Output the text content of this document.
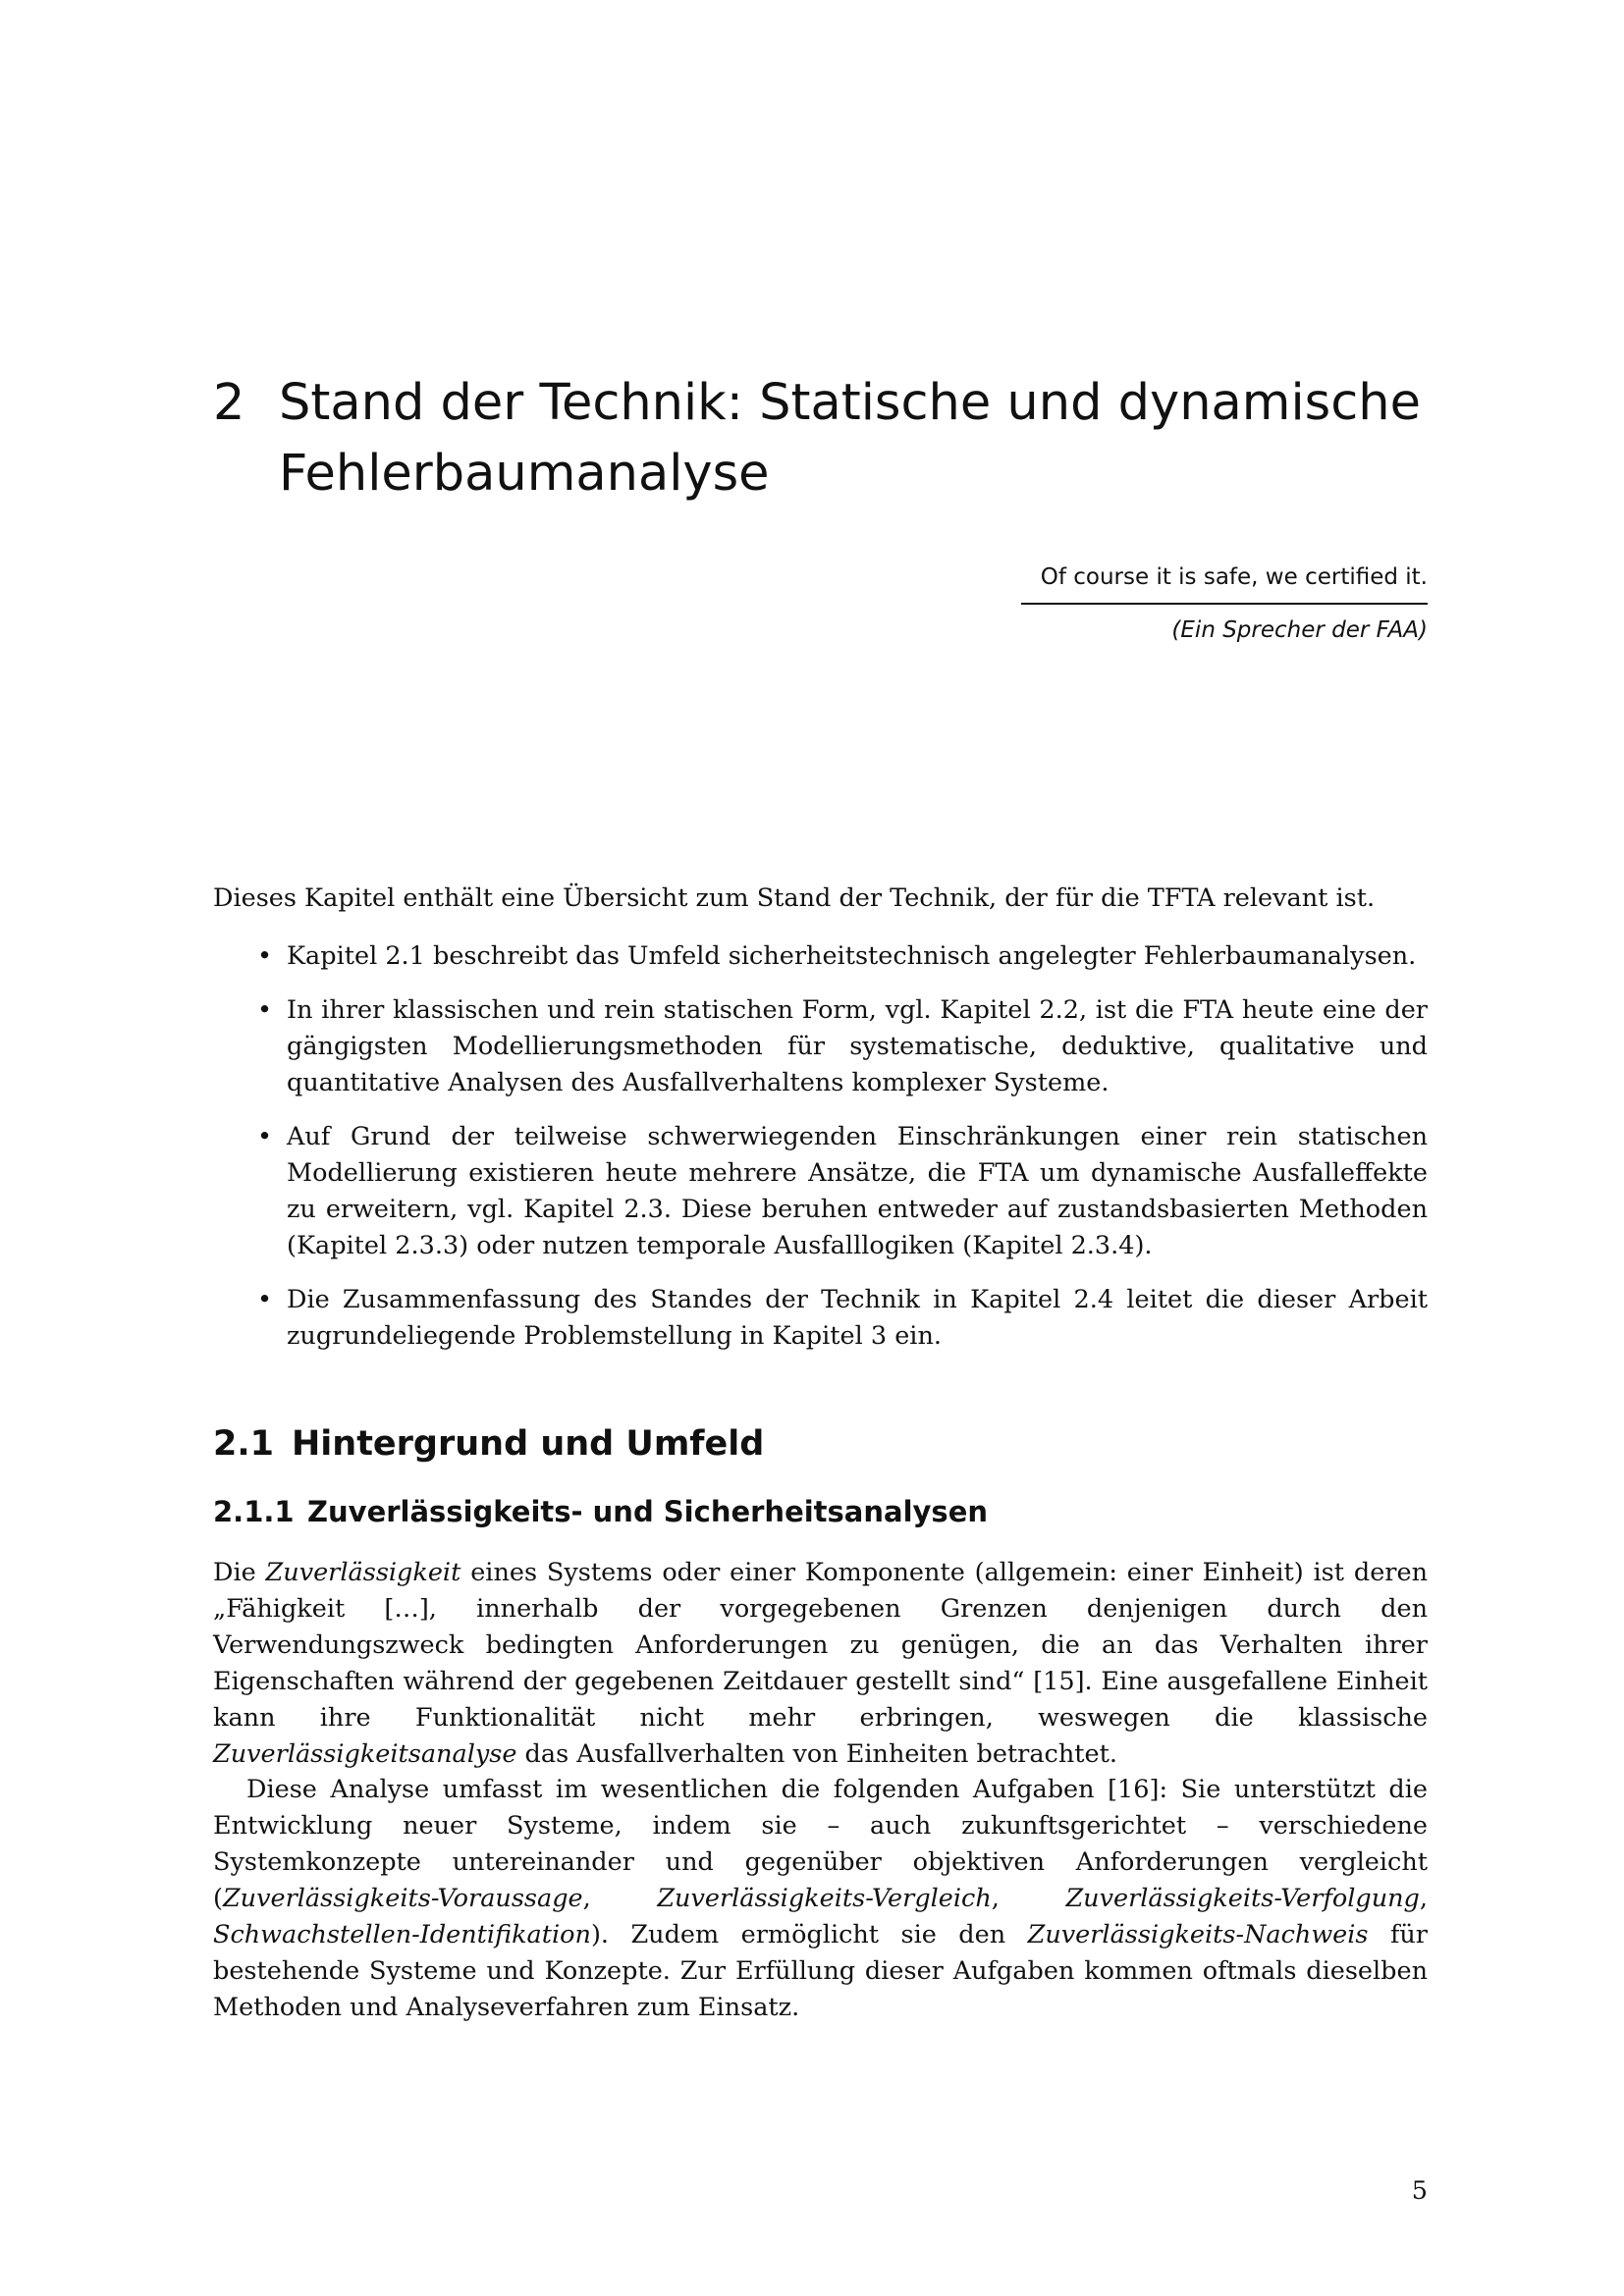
2 Stand der Technik: Statische und dynamische Fehlerbaumanalyse
Of course it is safe, we certified it.
(Ein Sprecher der FAA)

Dieses Kapitel enthält eine Übersicht zum Stand der Technik, der für die TFTA relevant ist.

• Kapitel 2.1 beschreibt das Umfeld sicherheitstechnisch angelegter Fehlerbaumanalysen.
• In ihrer klassischen und rein statischen Form, vgl. Kapitel 2.2, ist die FTA heute eine der gängigsten Modellierungsmethoden für systematische, deduktive, qualitative und quantitative Analysen des Ausfallverhaltens komplexer Systeme.
• Auf Grund der teilweise schwerwiegenden Einschränkungen einer rein statischen Modellierung existieren heute mehrere Ansätze, die FTA um dynamische Ausfalleffekte zu erweitern, vgl. Kapitel 2.3. Diese beruhen entweder auf zustandsbasierten Methoden (Kapitel 2.3.3) oder nutzen temporale Ausfalllogiken (Kapitel 2.3.4).
• Die Zusammenfassung des Standes der Technik in Kapitel 2.4 leitet die dieser Arbeit zugrundeliegende Problemstellung in Kapitel 3 ein.
2.1 Hintergrund und Umfeld
2.1.1 Zuverlässigkeits- und Sicherheitsanalysen

Die Zuverlässigkeit eines Systems oder einer Komponente (allgemein: einer Einheit) ist deren „Fähigkeit […], innerhalb der vorgegebenen Grenzen denjenigen durch den Verwendungszweck bedingten Anforderungen zu genügen, die an das Verhalten ihrer Eigenschaften während der gegebenen Zeitdauer gestellt sind“ [15]. Eine ausgefallene Einheit kann ihre Funktionalität nicht mehr erbringen, weswegen die klassische Zuverlässigkeitsanalyse das Ausfallverhalten von Einheiten betrachtet.

Diese Analyse umfasst im wesentlichen die folgenden Aufgaben [16]: Sie unterstützt die Entwicklung neuer Systeme, indem sie – auch zukunftsgerichtet – verschiedene Systemkonzepte untereinander und gegenüber objektiven Anforderungen vergleicht (Zuverlässigkeits-Voraussage, Zuverlässigkeits-Vergleich, Zuverlässigkeits-Verfolgung, Schwachstellen-Identifikation). Zudem ermöglicht sie den Zuverlässigkeits-Nachweis für bestehende Systeme und Konzepte. Zur Erfüllung dieser Aufgaben kommen oftmals dieselben Methoden und Analyseverfahren zum Einsatz.

5
